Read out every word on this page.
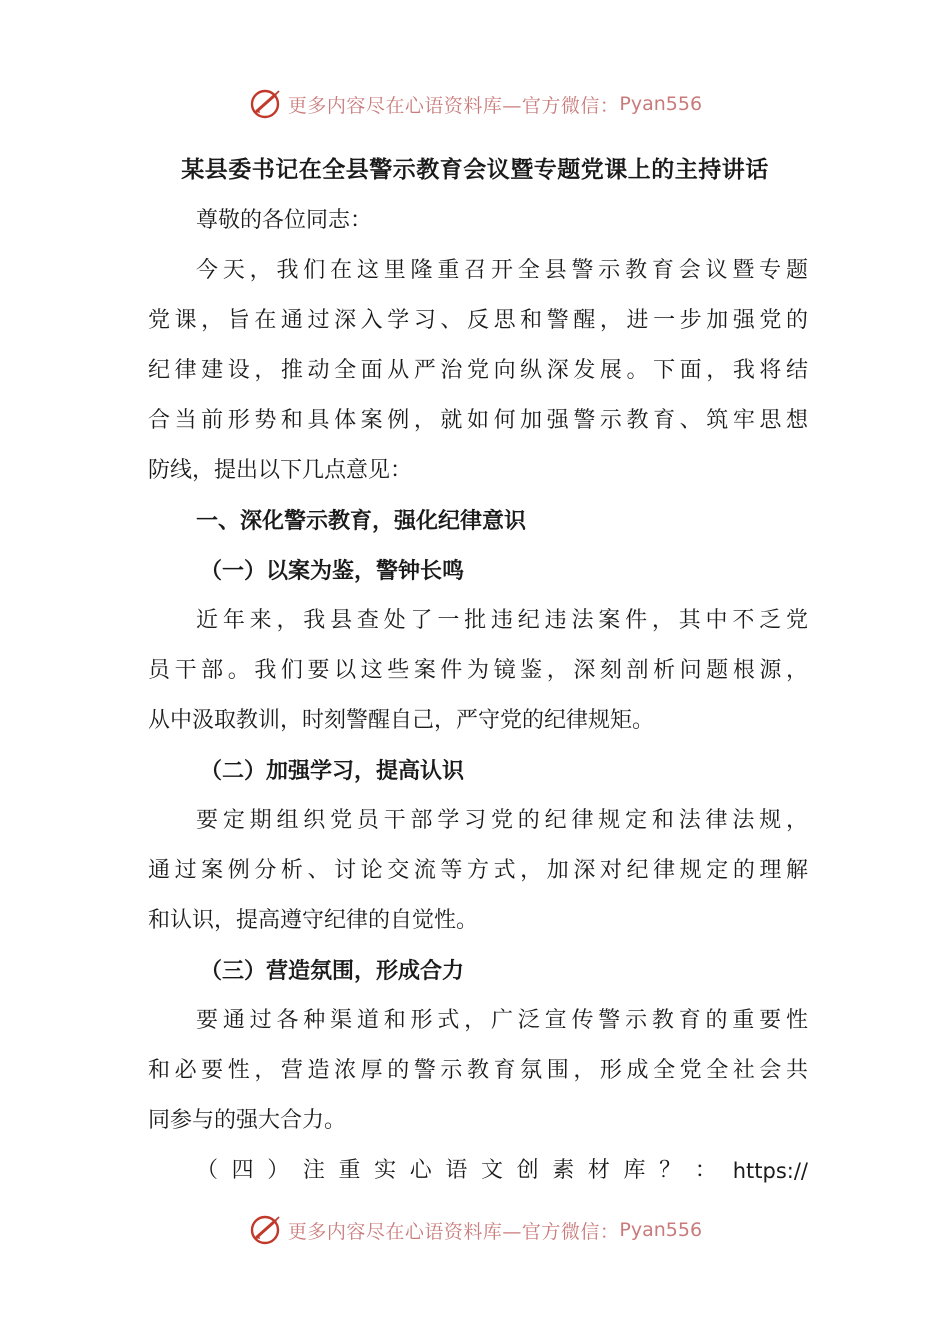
更多内容尽在心语资料库—官方微信： Pyan556
某县委书记在全县警示教育会议暨专题党课上的主持讲话
尊敬的各位同志：
今天，我们在这里隆重召开全县警示教育会议暨专题
党课，旨在通过深入学习、反思和警醒，进一步加强党的
纪律建设，推动全面从严治党向纵深发展。下面，我将结
合当前形势和具体案例，就如何加强警示教育、筑牢思想
防线，提出以下几点意见：
一、深化警示教育，强化纪律意识
（一）以案为鉴，警钟长鸣
近年来，我县查处了一批违纪违法案件，其中不乏党
员干部。我们要以这些案件为镜鉴，深刻剖析问题根源，
从中汲取教训，时刻警醒自己，严守党的纪律规矩。
（二）加强学习，提高认识
要定期组织党员干部学习党的纪律规定和法律法规，
通过案例分析、讨论交流等方式，加深对纪律规定的理解
和认识，提高遵守纪律的自觉性。
（三）营造氛围，形成合力
要通过各种渠道和形式，广泛宣传警示教育的重要性
和必要性，营造浓厚的警示教育氛围，形成全党全社会共
同参与的强大合力。
（四）注重实心语文创素材库？： https://
更多内容尽在心语资料库—官方微信： Pyan556
